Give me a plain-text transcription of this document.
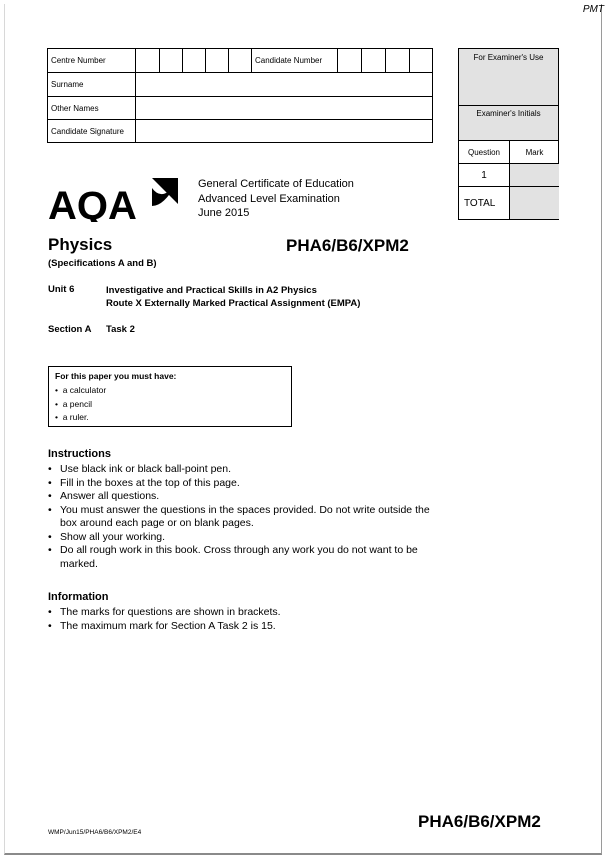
PMT
Centre Number	Candidate Number
Surname
Other Names
Candidate Signature
For Examiner's Use
Examiner's Initials
Question	Mark
1
TOTAL
AQA	General Certificate of Education
Advanced Level Examination
June 2015
Physics
(Specifications A and B)
PHA6/B6/XPM2
Unit 6	Investigative and Practical Skills in A2 Physics
Route X Externally Marked Practical Assignment (EMPA)
Section A Task 2
For this paper you must have:
•  a calculator
•  a pencil
•  a ruler.
Instructions
• Use black ink or black ball-point pen.
• Fill in the boxes at the top of this page.
• Answer all questions.
• You must answer the questions in the spaces provided. Do not write outside the box around each page or on blank pages.
• Show all your working.
• Do all rough work in this book. Cross through any work you do not want to be marked.
Information
• The marks for questions are shown in brackets.
• The maximum mark for Section A Task 2 is 15.
WMP/Jun15/PHA6/B6/XPM2/E4
PHA6/B6/XPM2
